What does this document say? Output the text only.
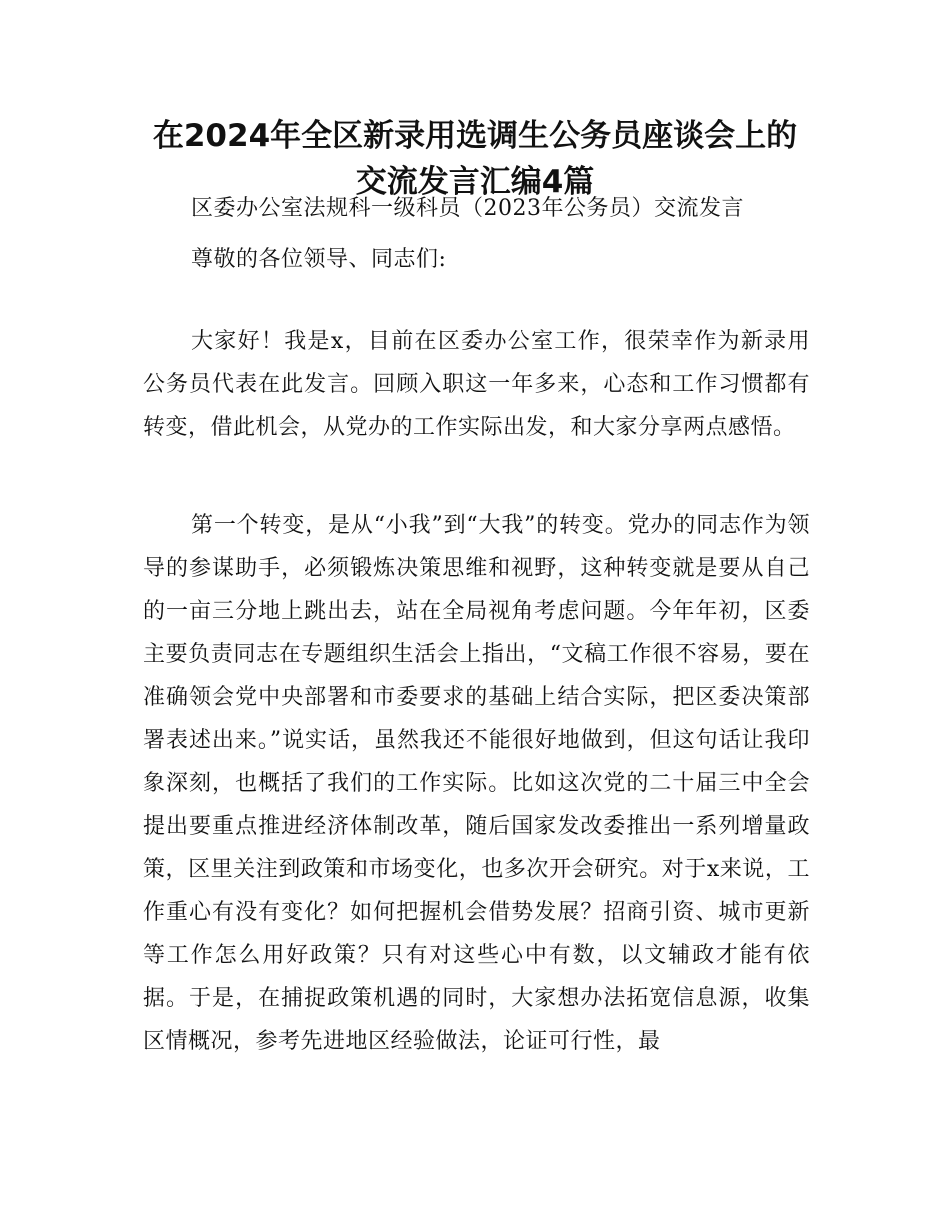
在2024年全区新录用选调生公务员座谈会上的
交流发言汇编4篇

区委办公室法规科一级科员（2023年公务员）交流发言

尊敬的各位领导、同志们:

大家好！我是x，目前在区委办公室工作，很荣幸作为新录用公务员代表在此发言。回顾入职这一年多来，心态和工作习惯都有转变，借此机会，从党办的工作实际出发，和大家分享两点感悟。

第一个转变，是从“小我”到“大我”的转变。党办的同志作为领导的参谋助手，必须锻炼决策思维和视野，这种转变就是要从自己的一亩三分地上跳出去，站在全局视角考虑问题。今年年初，区委主要负责同志在专题组织生活会上指出，“文稿工作很不容易，要在准确领会党中央部署和市委要求的基础上结合实际，把区委决策部署表述出来。”说实话，虽然我还不能很好地做到，但这句话让我印象深刻，也概括了我们的工作实际。比如这次党的二十届三中全会提出要重点推进经济体制改革，随后国家发改委推出一系列增量政策，区里关注到政策和市场变化，也多次开会研究。对于x来说，工作重心有没有变化？如何把握机会借势发展？招商引资、城市更新等工作怎么用好政策？只有对这些心中有数，以文辅政才能有依据。于是，在捕捉政策机遇的同时，大家想办法拓宽信息源，收集区情概况，参考先进地区经验做法，论证可行性，最
